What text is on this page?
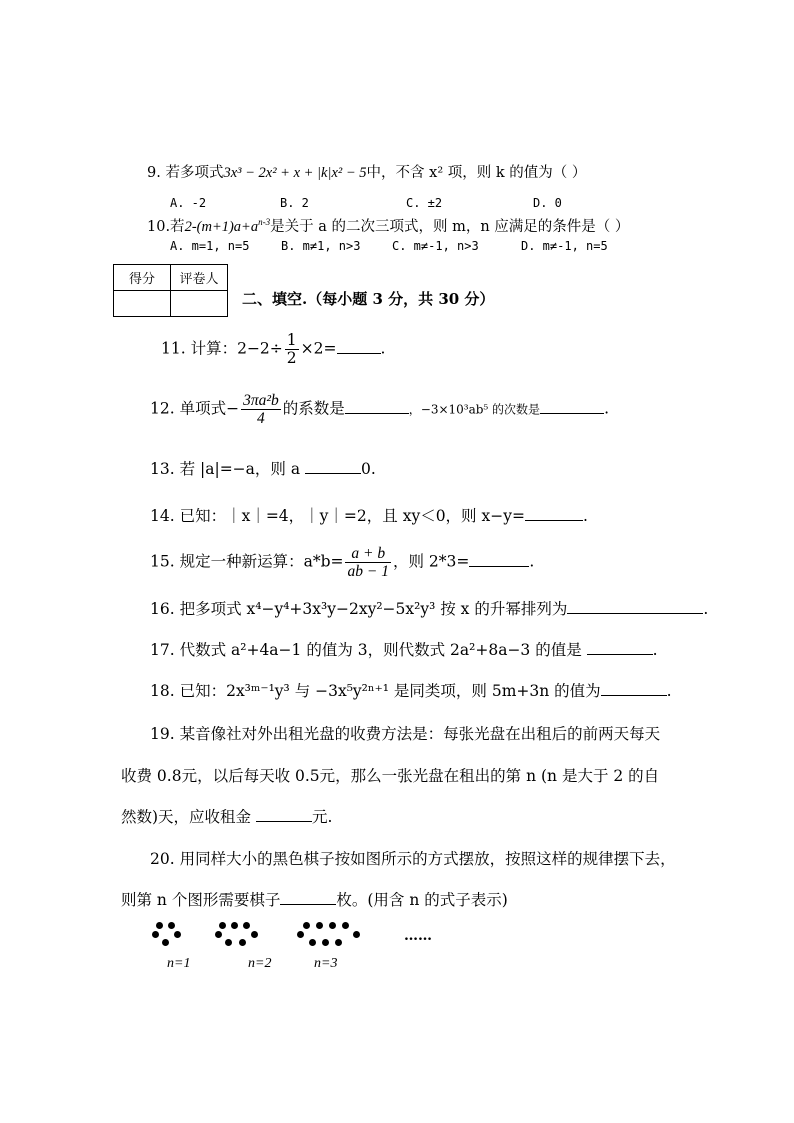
9. 若多项式3x³ − 2x² + x + |k|x² − 5中，不含 x² 项，则 k 的值为（ ）
A. -2	B. 2	C. ±2	D. 0
10.若$2-(m+1)a+a^{n-3}$是关于 a 的二次三项式，则 m，n 应满足的条件是（ ）
A. m=1, n=5	B. m≠1, n>3	C. m≠-1, n>3	D. m≠-1, n=5
得分	评卷人

二、填空.（每小题 3 分，共 30 分）
11. 计算：$2-2\div \frac{1}{2} \times 2=$	.
12. 单项式− $\frac{\text{3πa²b}}{4}$ 的系数是	，−3×10³ab⁵ 的次数是	.
13. 若 |a|=−a，则 a	0.
14. 已知：｜x｜=4，｜y｜=2，且 xy＜0，则 x−y=	.
15. 规定一种新运算：$a*b= \frac{a + b}{ab - 1}$ ，则 2*3=	.
16. 把多项式 x⁴−y⁴+3x³y−2xy²−5x²y³ 按 x 的升幂排列为	.
17. 代数式 a²+4a−1 的值为 3，则代数式 2a²+8a−3 的值是	.
18. 已知：2x³ᵐ⁻¹y³ 与 −3x⁵y²ⁿ⁺¹ 是同类项，则 5m+3n 的值为	.
19. 某音像社对外出租光盘的收费方法是：每张光盘在出租后的前两天每天
收费 0.8元，以后每天收 0.5元，那么一张光盘在租出的第 n (n 是大于 2 的自
然数)天，应收租金	元.
20. 用同样大小的黑色棋子按如图所示的方式摆放，按照这样的规律摆下去，
则第 n 个图形需要棋子	枚。(用含 n 的式子表示)
……
n=1	n=2	n=3
